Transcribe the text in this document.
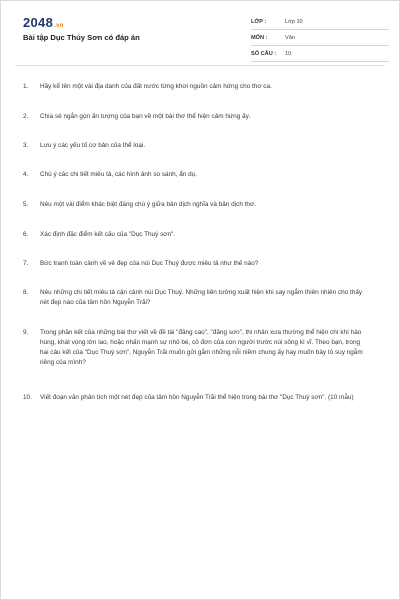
2048.vn
Bài tập Dục Thúy Sơn có đáp án
LỚP :	Lớp 10
MÔN :	Văn
SỐ CÂU :	10
1.	Hãy kể tên một vài địa danh của đất nước từng khơi nguồn cảm hứng cho thơ ca.
2.	Chia sẻ ngắn gọn ấn tượng của bạn về một bài thơ thể hiện cảm hứng ấy.
3.	Lưu ý các yếu tố cơ bản của thể loại.
4.	Chú ý các chi tiết miêu tả, các hình ảnh so sánh, ẩn dụ.
5.	Nêu một vài điểm khác biệt đáng chú ý giữa bản dịch nghĩa và bản dịch thơ.
6.	Xác định đặc điểm kết cấu của "Dục Thuý sơn".
7.	Bức tranh toàn cảnh về vẻ đẹp của núi Dục Thuý được miêu tả như thế nào?
8.	Nêu những chi tiết miêu tả cận cảnh núi Dục Thuý. Những liên tưởng xuất hiện khi say ngắm thiên nhiên cho thấy nét đẹp nào của tâm hồn Nguyễn Trãi?
9.	Trong phần kết của những bài thơ viết về đề tài "đăng cao", "đăng sơn", thi nhân xưa thường thể hiện chí khí hào hùng, khát vọng lớn lao, hoặc nhấn mạnh sự nhỏ bé, cô đơn của con người trước núi sông kì vĩ. Theo bạn, trong hai câu kết của "Dục Thuý sơn", Nguyễn Trãi muốn gửi gắm những nỗi niềm chung ấy hay muốn bày tỏ suy ngẫm riêng của mình?
10.	Viết đoạn văn phân tích một nét đẹp của tâm hồn Nguyễn Trãi thể hiện trong bài thơ "Dục Thuý sơn". (10 mẫu)
